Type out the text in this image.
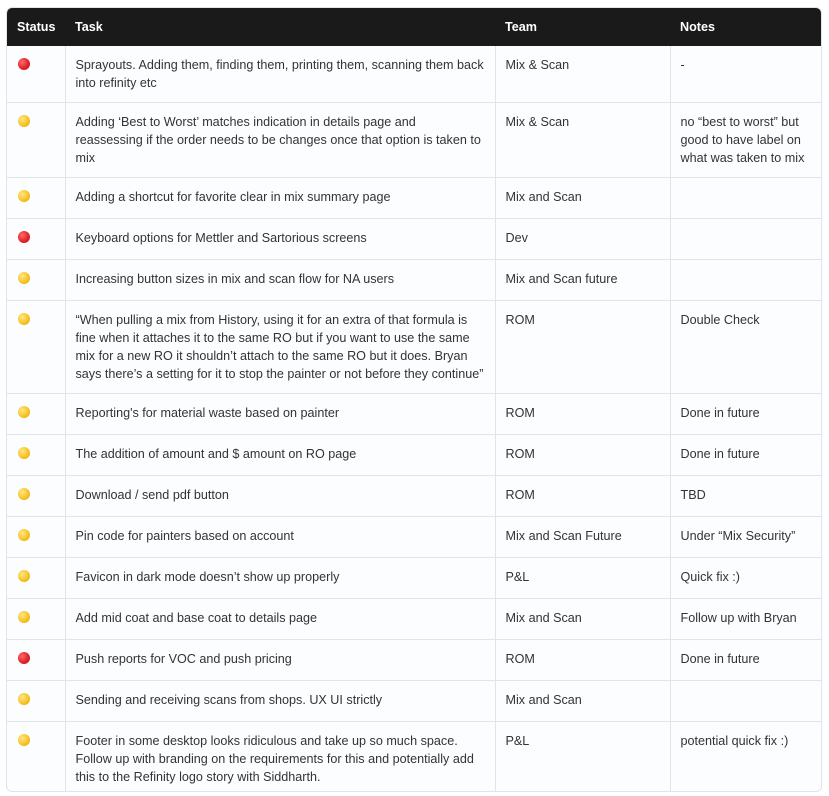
Status	Task	Team	Notes
	Sprayouts. Adding them, finding them, printing them, scanning them back into refinity etc	Mix & Scan	-
	Adding ‘Best to Worst’ matches indication in details page and reassessing if the order needs to be changes once that option is taken to mix	Mix & Scan	no “best to worst” but good to have label on what was taken to mix
	Adding a shortcut for favorite clear in mix summary page	Mix and Scan	
	Keyboard options for Mettler and Sartorious screens	Dev	
	Increasing button sizes in mix and scan flow for NA users	Mix and Scan future	
	“When pulling a mix from History, using it for an extra of that formula is fine when it attaches it to the same RO but if you want to use the same mix for a new RO it shouldn’t attach to the same RO but it does. Bryan says there’s a setting for it to stop the painter or not before they continue”	ROM	Double Check
	Reporting's for material waste based on painter	ROM	Done in future
	The addition of amount and $ amount on RO page	ROM	Done in future
	Download / send pdf button	ROM	TBD
	Pin code for painters based on account	Mix and Scan Future	Under “Mix Security”
	Favicon in dark mode doesn’t show up properly	P&L	Quick fix :)
	Add mid coat and base coat to details page	Mix and Scan	Follow up with Bryan
	Push reports for VOC and push pricing	ROM	Done in future
	Sending and receiving scans from shops. UX UI strictly	Mix and Scan	
	Footer in some desktop looks ridiculous and take up so much space. Follow up with branding on the requirements for this and potentially add this to the Refinity logo story with Siddharth.	P&L	potential quick fix :)
